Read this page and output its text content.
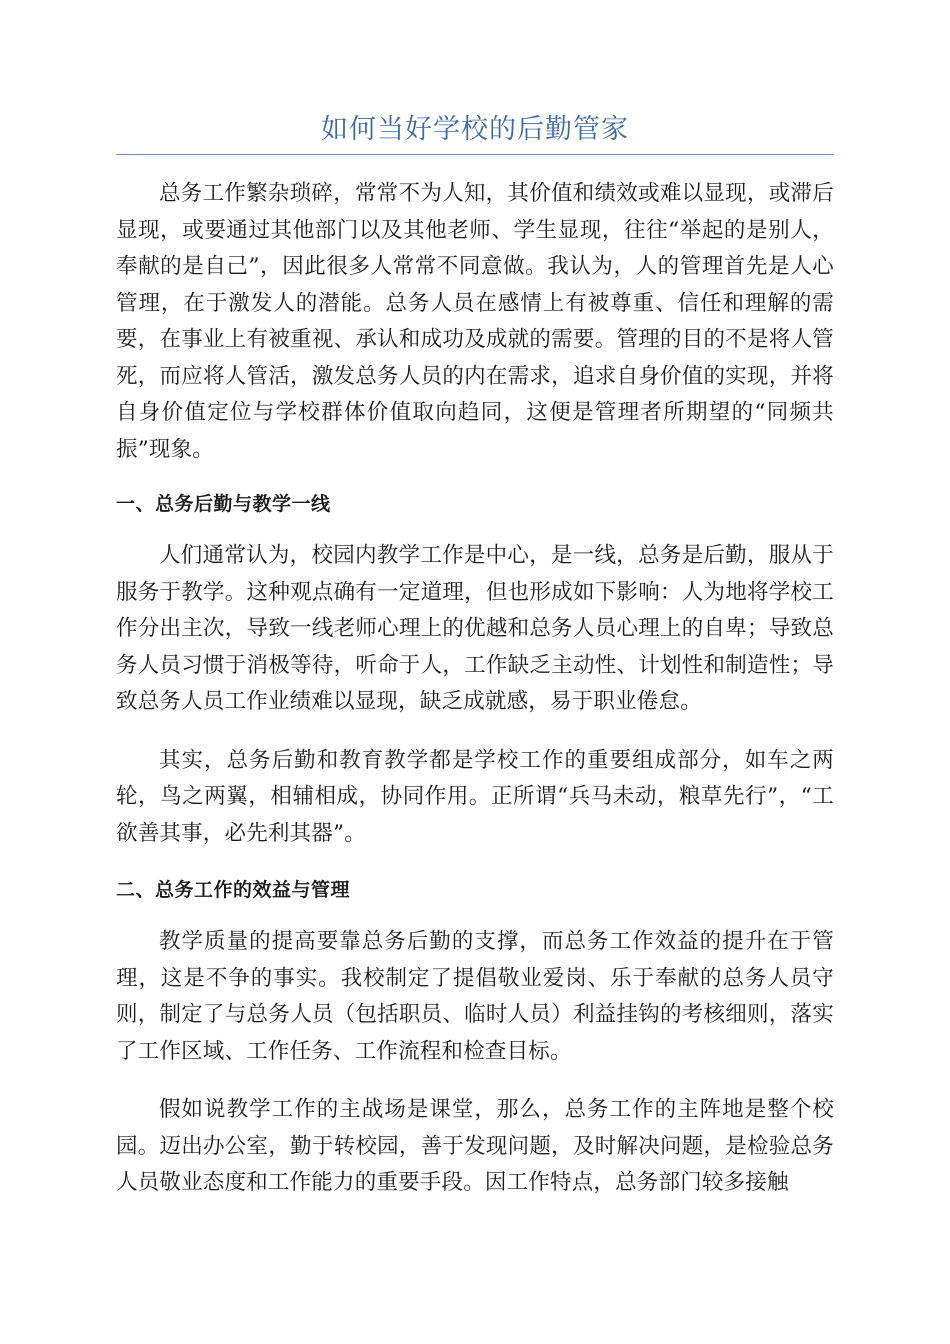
如何当好学校的后勤管家

总务工作繁杂琐碎，常常不为人知，其价值和绩效或难以显现，或滞后显现，或要通过其他部门以及其他老师、学生显现，往往“举起的是别人，奉献的是自己”，因此很多人常常不同意做。我认为，人的管理首先是人心管理，在于激发人的潜能。总务人员在感情上有被尊重、信任和理解的需要，在事业上有被重视、承认和成功及成就的需要。管理的目的不是将人管死，而应将人管活，激发总务人员的内在需求，追求自身价值的实现，并将自身价值定位与学校群体价值取向趋同，这便是管理者所期望的“同频共振”现象。

一、总务后勤与教学一线

人们通常认为，校园内教学工作是中心，是一线，总务是后勤，服从于服务于教学。这种观点确有一定道理，但也形成如下影响：人为地将学校工作分出主次，导致一线老师心理上的优越和总务人员心理上的自卑；导致总务人员习惯于消极等待，听命于人，工作缺乏主动性、计划性和制造性；导致总务人员工作业绩难以显现，缺乏成就感，易于职业倦怠。

其实，总务后勤和教育教学都是学校工作的重要组成部分，如车之两轮，鸟之两翼，相辅相成，协同作用。正所谓“兵马未动，粮草先行”，“工欲善其事，必先利其器”。

二、总务工作的效益与管理

教学质量的提高要靠总务后勤的支撑，而总务工作效益的提升在于管理，这是不争的事实。我校制定了提倡敬业爱岗、乐于奉献的总务人员守则，制定了与总务人员（包括职员、临时人员）利益挂钩的考核细则，落实了工作区域、工作任务、工作流程和检查目标。

假如说教学工作的主战场是课堂，那么，总务工作的主阵地是整个校园。迈出办公室，勤于转校园，善于发现问题，及时解决问题，是检验总务人员敬业态度和工作能力的重要手段。因工作特点，总务部门较多接触
